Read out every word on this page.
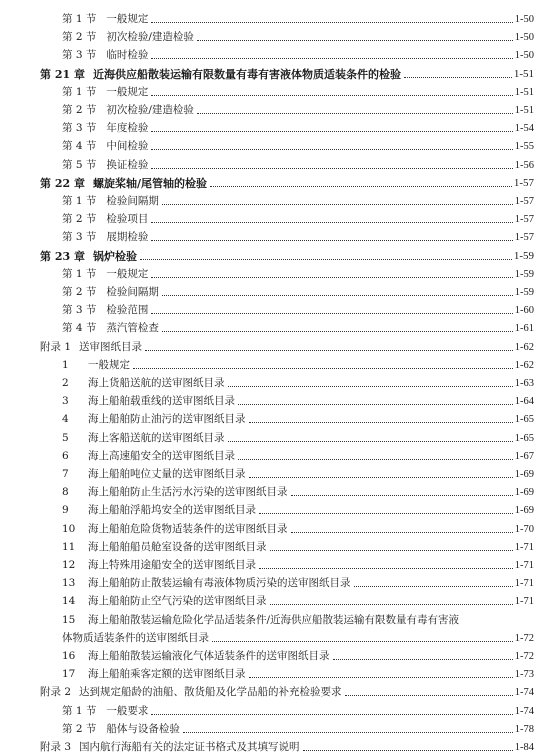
第 1 节 一般规定	1-50
第 2 节 初次检验/建造检验	1-50
第 3 节 临时检验	1-50
第 21 章 近海供应船散装运输有限数量有毒有害液体物质适装条件的检验	1-51
第 1 节 一般规定	1-51
第 2 节 初次检验/建造检验	1-51
第 3 节 年度检验	1-54
第 4 节 中间检验	1-55
第 5 节 换证检验	1-56
第 22 章 螺旋桨轴/尾管轴的检验	1-57
第 1 节 检验间隔期	1-57
第 2 节 检验项目	1-57
第 3 节 展期检验	1-57
第 23 章 锅炉检验	1-59
第 1 节 一般规定	1-59
第 2 节 检验间隔期	1-59
第 3 节 检验范围	1-60
第 4 节 蒸汽管检查	1-61
附录 1 送审图纸目录	1-62
1	一般规定	1-62
2	海上货船送航的送审图纸目录	1-63
3	海上船舶载重线的送审图纸目录	1-64
4	海上船舶防止油污的送审图纸目录	1-65
5	海上客船送航的送审图纸目录	1-65
6	海上高速船安全的送审图纸目录	1-67
7	海上船舶吨位丈量的送审图纸目录	1-69
8	海上船舶防止生活污水污染的送审图纸目录	1-69
9	海上船舶浮船坞安全的送审图纸目录	1-69
10	海上船舶危险货物适装条件的送审图纸目录	1-70
11	海上船舶船员舱室设备的送审图纸目录	1-71
12	海上特殊用途船安全的送审图纸目录	1-71
13	海上船舶防止散装运输有毒液体物质污染的送审图纸目录	1-71
14	海上船舶防止空气污染的送审图纸目录	1-71
15	海上船舶散装运输危险化学品适装条件/近海供应船散装运输有限数量有毒有害液
体物质适装条件的送审图纸目录	1-72
16	海上船舶散装运输液化气体适装条件的送审图纸目录	1-72
17	海上船舶乘客定额的送审图纸目录	1-73
附录 2 达到规定船龄的油船、散货船及化学品船的补充检验要求	1-74
第 1 节 一般要求	1-74
第 2 节 船体与设备检验	1-78
附录 3 国内航行海船有关的法定证书格式及其填写说明	1-84
